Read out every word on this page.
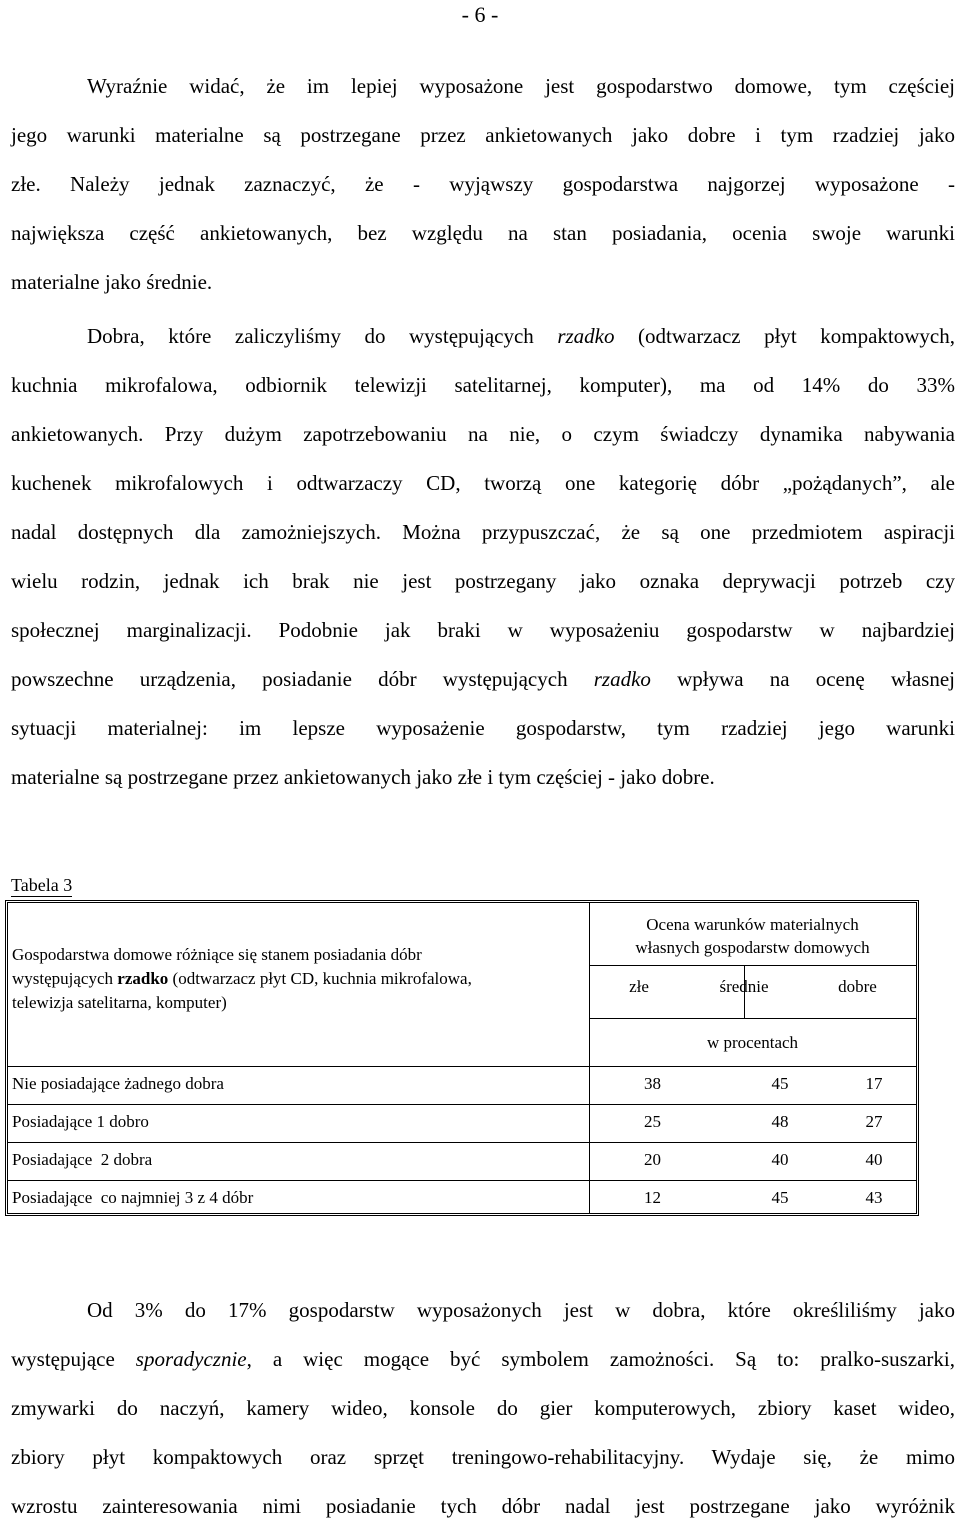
- 6 -
Wyraźnie widać, że im lepiej wyposażone jest gospodarstwo domowe, tym częściej
jego warunki materialne są postrzegane przez ankietowanych jako dobre i tym rzadziej jako
złe. Należy jednak zaznaczyć, że - wyjąwszy gospodarstwa najgorzej wyposażone -
największa część ankietowanych, bez względu na stan posiadania, ocenia swoje warunki
materialne jako średnie.
Dobra, które zaliczyliśmy do występujących rzadko (odtwarzacz płyt kompaktowych,
kuchnia mikrofalowa, odbiornik telewizji satelitarnej, komputer), ma od 14% do 33%
ankietowanych. Przy dużym zapotrzebowaniu na nie, o czym świadczy dynamika nabywania
kuchenek mikrofalowych i odtwarzaczy CD, tworzą one kategorię dóbr „pożądanych”, ale
nadal dostępnych dla zamożniejszych. Można przypuszczać, że są one przedmiotem aspiracji
wielu rodzin, jednak ich brak nie jest postrzegany jako oznaka deprywacji potrzeb czy
społecznej marginalizacji. Podobnie jak braki w wyposażeniu gospodarstw w najbardziej
powszechne urządzenia, posiadanie dóbr występujących rzadko wpływa na ocenę własnej
sytuacji materialnej: im lepsze wyposażenie gospodarstw, tym rzadziej jego warunki
materialne są postrzegane przez ankietowanych jako złe i tym częściej - jako dobre.
Tabela 3
Gospodarstwa domowe różniące się stanem posiadania dóbr
występujących rzadko (odtwarzacz płyt CD, kuchnia mikrofalowa,
telewizja satelitarna, komputer)
Ocena warunków materialnych
własnych gospodarstw domowych
złe	średnie	dobre
w procentach
Nie posiadające żadnego dobra	38	45	17
Posiadające 1 dobro	25	48	27
Posiadające  2 dobra	20	40	40
Posiadające  co najmniej 3 z 4 dóbr	12	45	43
Od 3% do 17% gospodarstw wyposażonych jest w dobra, które określiliśmy jako
występujące sporadycznie, a więc mogące być symbolem zamożności. Są to: pralko-suszarki,
zmywarki do naczyń, kamery wideo, konsole do gier komputerowych, zbiory kaset wideo,
zbiory płyt kompaktowych oraz sprzęt treningowo-rehabilitacyjny. Wydaje się, że mimo
wzrostu zainteresowania nimi posiadanie tych dóbr nadal jest postrzegane jako wyróżnik
